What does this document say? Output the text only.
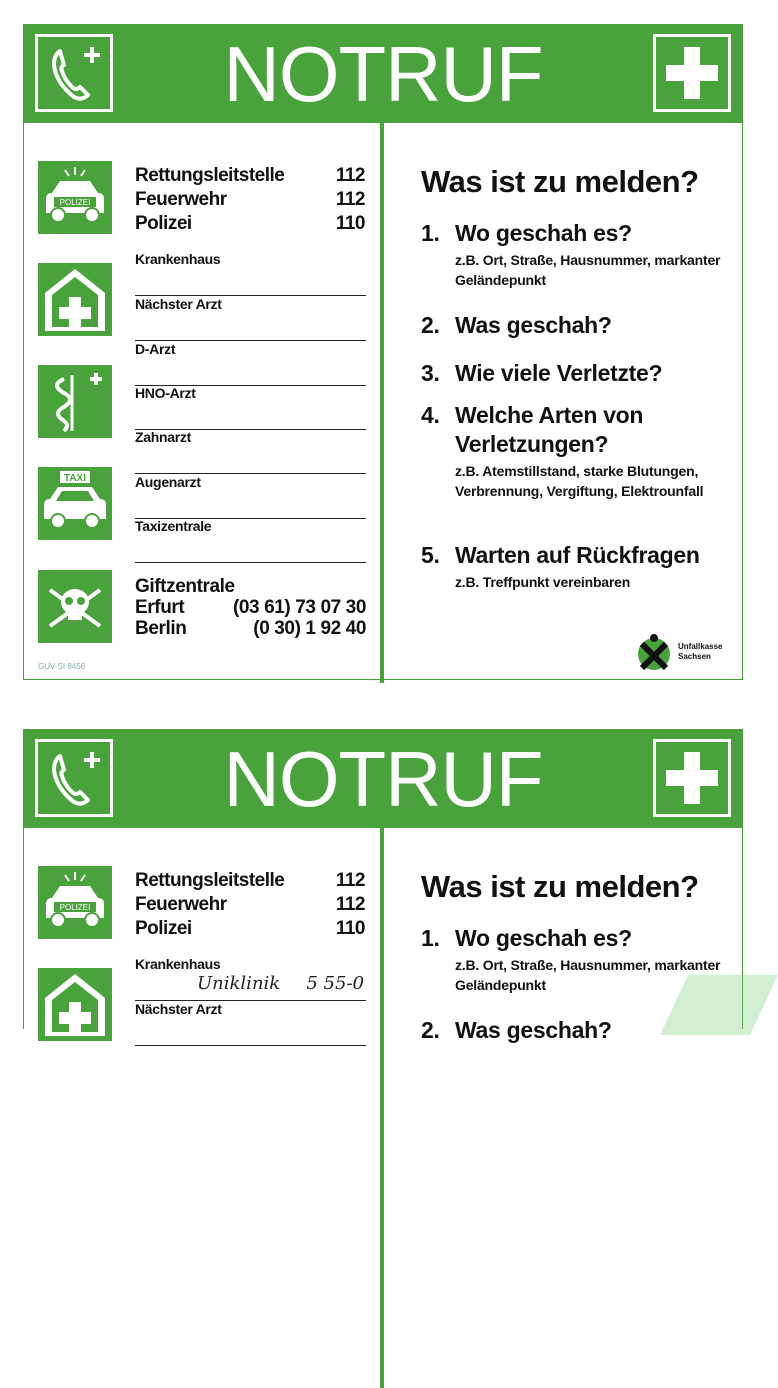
NOTRUF
POLIZEI
TAXI
Rettungsleitstelle	112
Feuerwehr	112
Polizei	110
Krankenhaus
Nächster Arzt
D-Arzt
HNO-Arzt
Zahnarzt
Augenarzt
Taxizentrale
Giftzentrale
Erfurt	(03 61) 73 07 30
Berlin	(0 30) 1 92 40
GUV-SI 8456
Was ist zu melden?
1. Wo geschah es?
z.B. Ort, Straße, Hausnummer, markanter Geländepunkt
2. Was geschah?
3. Wie viele Verletzte?
4. Welche Arten von Verletzungen?
z.B. Atemstillstand, starke Blutungen, Verbrennung, Vergiftung, Elektrounfall
5. Warten auf Rückfragen
z.B. Treffpunkt vereinbaren
Unfallkasse
Sachsen
NOTRUF
POLIZEI
Rettungsleitstelle	112
Feuerwehr	112
Polizei	110
Krankenhaus
Uniklinik 5 55-0
Nächster Arzt
Was ist zu melden?
1. Wo geschah es?
z.B. Ort, Straße, Hausnummer, markanter Geländepunkt
2. Was geschah?
